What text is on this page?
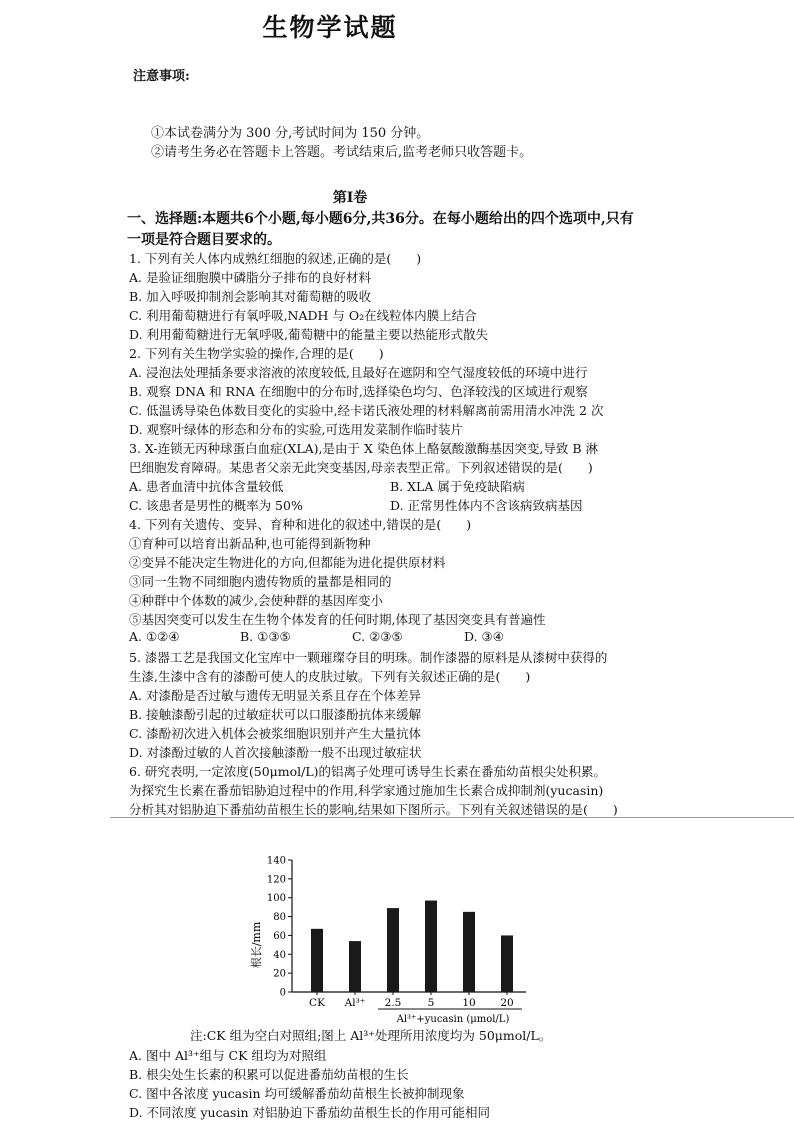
生物学试题
注意事项:
①本试卷满分为 300 分,考试时间为 150 分钟。
②请考生务必在答题卡上答题。考试结束后,监考老师只收答题卡。
第I卷
一、选择题:本题共6个小题,每小题6分,共36分。在每小题给出的四个选项中,只有
一项是符合题目要求的。
1. 下列有关人体内成熟红细胞的叙述,正确的是(　　)
A. 是验证细胞膜中磷脂分子排布的良好材料
B. 加入呼吸抑制剂会影响其对葡萄糖的吸收
C. 利用葡萄糖进行有氧呼吸,NADH 与 O₂在线粒体内膜上结合
D. 利用葡萄糖进行无氧呼吸,葡萄糖中的能量主要以热能形式散失
2. 下列有关生物学实验的操作,合理的是(　　)
A. 浸泡法处理插条要求溶液的浓度较低,且最好在遮阴和空气湿度较低的环境中进行
B. 观察 DNA 和 RNA 在细胞中的分布时,选择染色均匀、色泽较浅的区域进行观察
C. 低温诱导染色体数目变化的实验中,经卡诺氏液处理的材料解离前需用清水冲洗 2 次
D. 观察叶绿体的形态和分布的实验,可选用发菜制作临时装片
3. X-连锁无丙种球蛋白血症(XLA),是由于 X 染色体上酪氨酸激酶基因突变,导致 B 淋
巴细胞发育障碍。某患者父亲无此突变基因,母亲表型正常。下列叙述错误的是(　　)
A. 患者血清中抗体含量较低	B. XLA 属于免疫缺陷病
C. 该患者是男性的概率为 50%	D. 正常男性体内不含该病致病基因
4. 下列有关遗传、变异、育种和进化的叙述中,错误的是(　　)
①育种可以培育出新品种,也可能得到新物种
②变异不能决定生物进化的方向,但都能为进化提供原材料
③同一生物不同细胞内遗传物质的量都是相同的
④种群中个体数的减少,会使种群的基因库变小
⑤基因突变可以发生在生物个体发育的任何时期,体现了基因突变具有普遍性
A. ①②④	B. ①③⑤	C. ②③⑤	D. ③④
5. 漆器工艺是我国文化宝库中一颗璀璨夺目的明珠。制作漆器的原料是从漆树中获得的
生漆,生漆中含有的漆酚可使人的皮肤过敏。下列有关叙述正确的是(　　)
A. 对漆酚是否过敏与遗传无明显关系且存在个体差异
B. 接触漆酚引起的过敏症状可以口服漆酚抗体来缓解
C. 漆酚初次进入机体会被浆细胞识别并产生大量抗体
D. 对漆酚过敏的人首次接触漆酚一般不出现过敏症状
6. 研究表明,一定浓度(50μmol/L)的铝离子处理可诱导生长素在番茄幼苗根尖处积累。
为探究生长素在番茄铝胁迫过程中的作用,科学家通过施加生长素合成抑制剂(yucasin)
分析其对铝胁迫下番茄幼苗根生长的影响,结果如下图所示。下列有关叙述错误的是(　　)
0
20
40
60
80
100
120
140
CK Al³⁺ 2.5	5	10 20
根长/mm
Al³⁺+yucasin (μmol/L)
注:CK 组为空白对照组;图上 Al³⁺处理所用浓度均为 50μmol/L。
A. 图中 Al³⁺组与 CK 组均为对照组
B. 根尖处生长素的积累可以促进番茄幼苗根的生长
C. 图中各浓度 yucasin 均可缓解番茄幼苗根生长被抑制现象
D. 不同浓度 yucasin 对铝胁迫下番茄幼苗根生长的作用可能相同
